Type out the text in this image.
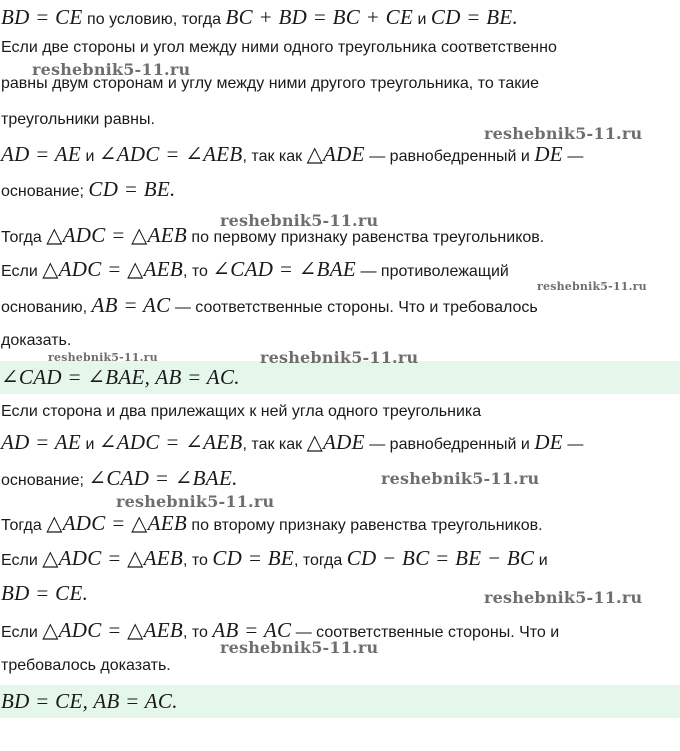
BD = CE по условию, тогда BC + BD = BC + CE и CD = BE.
Если две стороны и угол между ними одного треугольника соответственно
равны двум сторонам и углу между ними другого треугольника, то такие
треугольники равны.
AD = AE и ∠ADC = ∠AEB, так как △ADE — равнобедренный и DE —
основание; CD = BE.
Тогда △ADC = △AEB по первому признаку равенства треугольников.
Если △ADC = △AEB, то ∠CAD = ∠BAE — противолежащий
основанию, AB = AC — соответственные стороны. Что и требовалось
доказать.
∠CAD = ∠BAE, AB = AC.
Если сторона и два прилежащих к ней угла одного треугольника
AD = AE и ∠ADC = ∠AEB, так как △ADE — равнобедренный и DE —
основание; ∠CAD = ∠BAE.
Тогда △ADC = △AEB по второму признаку равенства треугольников.
Если △ADC = △AEB, то CD = BE, тогда CD − BC = BE − BC и
BD = CE.
Если △ADC = △AEB, то AB = AC — соответственные стороны. Что и
требовалось доказать.
BD = CE, AB = AC.
reshebnik5-11.ru
reshebnik5-11.ru
reshebnik5-11.ru
reshebnik5-11.ru
reshebnik5-11.ru	reshebnik5-11.ru
reshebnik5-11.ru
reshebnik5-11.ru
reshebnik5-11.ru
reshebnik5-11.ru
